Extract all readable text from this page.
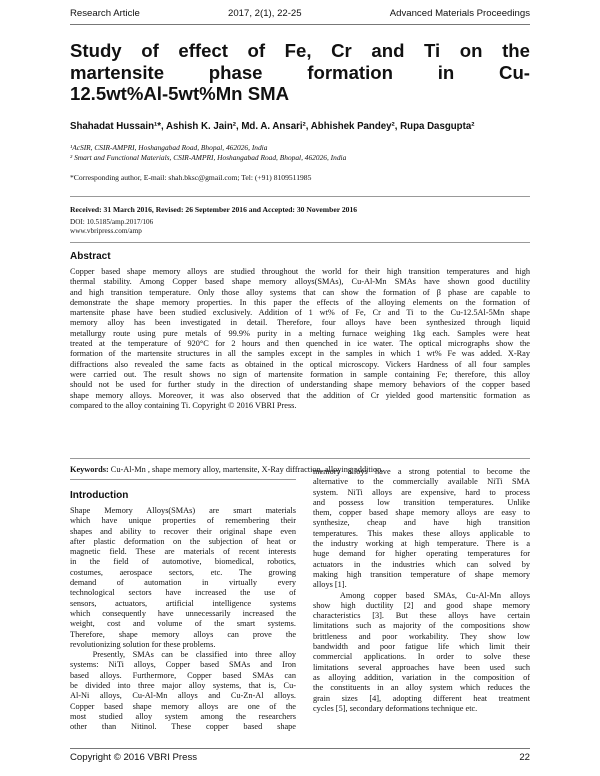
Research Article	2017, 2(1), 22-25	Advanced Materials Proceedings
Study of effect of Fe, Cr and Ti on the
martensite phase formation in Cu-
12.5wt%Al-5wt%Mn SMA
Shahadat Hussain¹*, Ashish K. Jain², Md. A. Ansari², Abhishek Pandey², Rupa Dasgupta²
¹AcSIR, CSIR-AMPRI, Hoshangabad Road, Bhopal, 462026, India
² Smart and Functional Materials, CSIR-AMPRI, Hoshangabad Road, Bhopal, 462026, India
*Corresponding author, E-mail: shah.bksc@gmail.com; Tel: (+91) 8109511985
Received: 31 March 2016, Revised: 26 September 2016 and Accepted: 30 November 2016
DOI: 10.5185/amp.2017/106
www.vbripress.com/amp
Abstract
Copper based shape memory alloys are studied throughout the world for their high transition temperatures and high
thermal stability. Among Copper based shape memory alloys(SMAs), Cu-Al-Mn SMAs have shown good ductility
and high transition temperature. Only those alloy systems that can show the formation of β phase are capable to
demonstrate the shape memory properties. In this paper the effects of the alloying elements on the formation of
martensite phase have been studied exclusively. Addition of 1 wt% of Fe, Cr and Ti to the Cu-12.5Al-5Mn shape
memory alloy has been investigated in detail. Therefore, four alloys have been synthesized through liquid
metallurgy route using pure metals of 99.9% purity in a melting furnace weighing 1kg each. Samples were heat
treated at the temperature of 920°C for 2 hours and then quenched in ice water. The optical micrographs show the
formation of the martensite structures in all the samples except in the samples in which 1 wt% Fe was added. X-Ray
diffractions also revealed the same facts as obtained in the optical microscopy. Vickers Hardness of all four samples
were carried out. The result shows no sign of martensite formation in sample containing Fe; therefore, this alloy
should not be used for further study in the direction of understanding shape memory behaviors of the copper based
shape memory alloys. Moreover, it was also observed that the addition of Cr yielded good martensitic formation as
compared to the alloy containing Ti. Copyright © 2016 VBRI Press.
Keywords: Cu-Al-Mn , shape memory alloy, martensite, X-Ray diffraction, alloying addition.
Introduction
Shape Memory Alloys(SMAs) are smart materials
which have unique properties of remembering their
shapes and ability to recover their original shape even
after plastic deformation on the subjection of heat or
magnetic field. These are materials of recent interests
in the field of automotive, biomedical, robotics,
costumes, aerospace sectors, etc. The growing
demand of automation in virtually every
technological sectors have increased the use of
sensors, actuators, artificial intelligence systems
which consequently have unnecessarily increased the
weight, cost and volume of the smart systems.
Therefore, shape memory alloys can prove the
revolutionizing solution for these problems.
Presently, SMAs can be classified into three alloy
systems: NiTi alloys, Copper based SMAs and Iron
based alloys. Furthermore, Copper based SMAs can
be divided into three major alloy systems, that is, Cu-
Al-Ni alloys, Cu-Al-Mn alloys and Cu-Zn-Al alloys.
Copper based shape memory alloys are one of the
most studied alloy system among the researchers
other than Nitinol. These copper based shape
memory alloys have a strong potential to become the
alternative to the commercially available NiTi SMA
system. NiTi alloys are expensive, hard to process
and possess low transition temperatures. Unlike
them, copper based shape memory alloys are easy to
synthesize, cheap and have high transition
temperatures. This makes these alloys applicable to
the industry working at high temperature. There is a
huge demand for higher operating temperatures for
actuators in the industries which can solved by
making high transition temperature of shape memory
alloys [1].
Among copper based SMAs, Cu-Al-Mn alloys
show high ductility [2] and good shape memory
characteristics [3]. But these alloys have certain
limitations such as majority of the compositions show
brittleness and poor workability. They show low
bandwidth and poor fatigue life which limit their
commercial applications. In order to solve these
limitations several approaches have been used such
as alloying addition, variation in the composition of
the constituents in an alloy system which reduces the
grain sizes [4], adopting different heat treatment
cycles [5], secondary deformations technique etc.
Copyright © 2016 VBRI Press	22
